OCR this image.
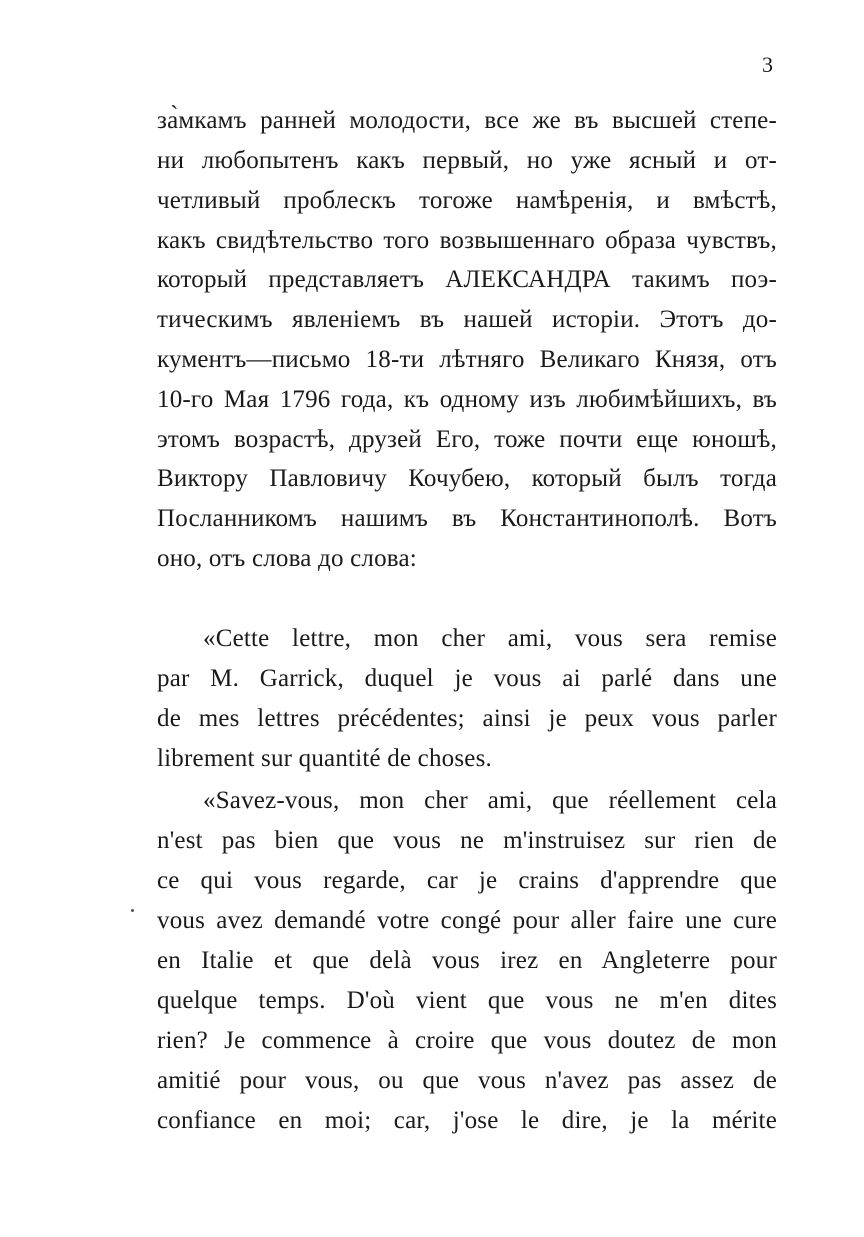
3
за̀мкамъ ранней молодости, все же въ высшей степе-
ни любопытенъ какъ первый, но уже ясный и от-
четливый проблескъ тогоже намѣренія, и вмѣстѣ,
какъ свидѣтельство того возвышеннаго образа чувствъ,
который представляетъ АЛЕКСАНДРА такимъ поэ-
тическимъ явленіемъ въ нашей исторіи. Этотъ до-
кументъ—письмо 18-ти лѣтняго Великаго Князя, отъ
10-го Мая 1796 года, къ одному изъ любимѣйшихъ, въ
этомъ возрастѣ, друзей Его, тоже почти еще юношѣ,
Виктору Павловичу Кочубею, который былъ тогда
Посланникомъ нашимъ въ Константинополѣ. Вотъ
оно, отъ слова до слова:
«Cette lettre, mon cher ami, vous sera remise
par M. Garrick, duquel je vous ai parlé dans une
de mes lettres précédentes; ainsi je peux vous parler
librement sur quantité de choses.
«Savez-vous, mon cher ami, que réellement cela
n'est pas bien que vous ne m'instruisez sur rien de
ce qui vous regarde, car je crains d'apprendre que
vous avez demandé votre congé pour aller faire une cure
en Italie et que delà vous irez en Angleterre pour
quelque temps. D'où vient que vous ne m'en dites
rien? Je commence à croire que vous doutez de mon
amitié pour vous, ou que vous n'avez pas assez de
confiance en moi; car, j'ose le dire, je la mérite
